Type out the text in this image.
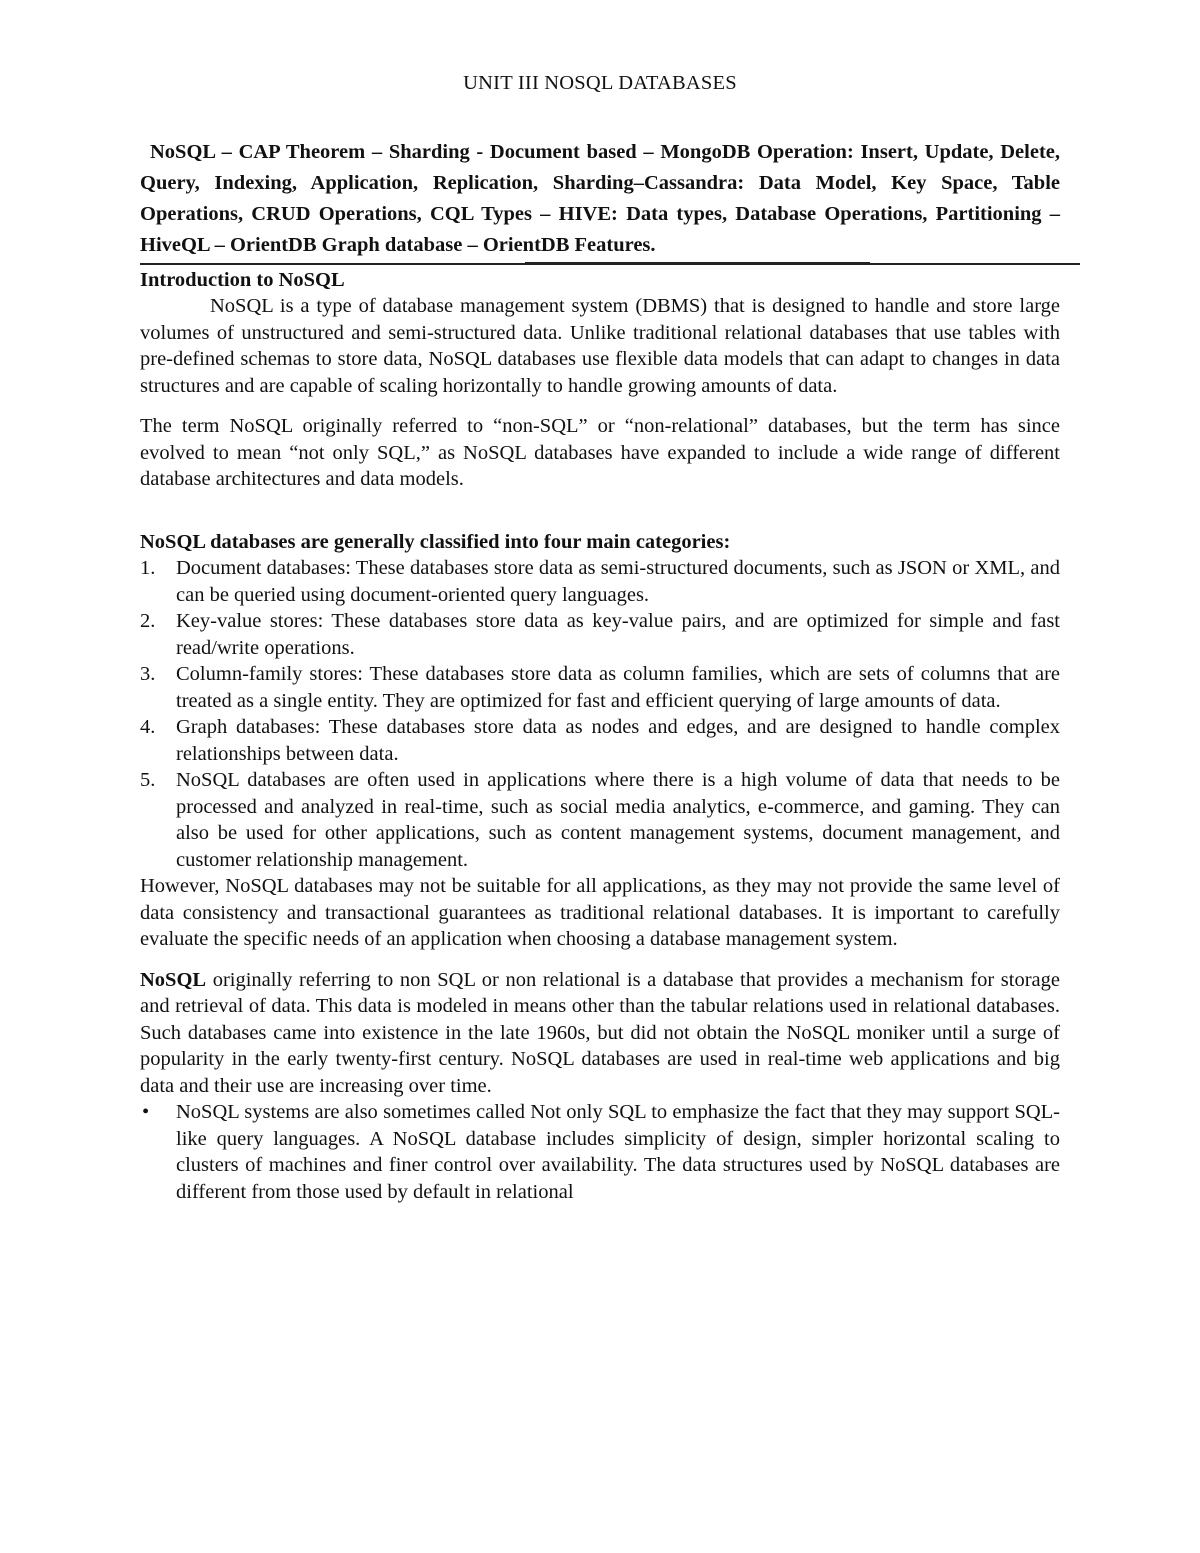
UNIT III NOSQL DATABASES

NoSQL – CAP Theorem – Sharding - Document based – MongoDB Operation: Insert, Update, Delete, Query, Indexing, Application, Replication, Sharding–Cassandra: Data Model, Key Space, Table Operations, CRUD Operations, CQL Types – HIVE: Data types, Database Operations, Partitioning – HiveQL – OrientDB Graph database – OrientDB Features.

Introduction to NoSQL

NoSQL is a type of database management system (DBMS) that is designed to handle and store large volumes of unstructured and semi-structured data. Unlike traditional relational databases that use tables with pre-defined schemas to store data, NoSQL databases use flexible data models that can adapt to changes in data structures and are capable of scaling horizontally to handle growing amounts of data.

The term NoSQL originally referred to “non-SQL” or “non-relational” databases, but the term has since evolved to mean “not only SQL,” as NoSQL databases have expanded to include a wide range of different database architectures and data models.

NoSQL databases are generally classified into four main categories:

1. Document databases: These databases store data as semi-structured documents, such as JSON or XML, and can be queried using document-oriented query languages.
2. Key-value stores: These databases store data as key-value pairs, and are optimized for simple and fast read/write operations.
3. Column-family stores: These databases store data as column families, which are sets of columns that are treated as a single entity. They are optimized for fast and efficient querying of large amounts of data.
4. Graph databases: These databases store data as nodes and edges, and are designed to handle complex relationships between data.
5. NoSQL databases are often used in applications where there is a high volume of data that needs to be processed and analyzed in real-time, such as social media analytics, e-commerce, and gaming. They can also be used for other applications, such as content management systems, document management, and customer relationship management.

However, NoSQL databases may not be suitable for all applications, as they may not provide the same level of data consistency and transactional guarantees as traditional relational databases. It is important to carefully evaluate the specific needs of an application when choosing a database management system.

NoSQL originally referring to non SQL or non relational is a database that provides a mechanism for storage and retrieval of data. This data is modeled in means other than the tabular relations used in relational databases. Such databases came into existence in the late 1960s, but did not obtain the NoSQL moniker until a surge of popularity in the early twenty-first century. NoSQL databases are used in real-time web applications and big data and their use are increasing over time.

• NoSQL systems are also sometimes called Not only SQL to emphasize the fact that they may support SQL-like query languages. A NoSQL database includes simplicity of design, simpler horizontal scaling to clusters of machines and finer control over availability. The data structures used by NoSQL databases are different from those used by default in relational
